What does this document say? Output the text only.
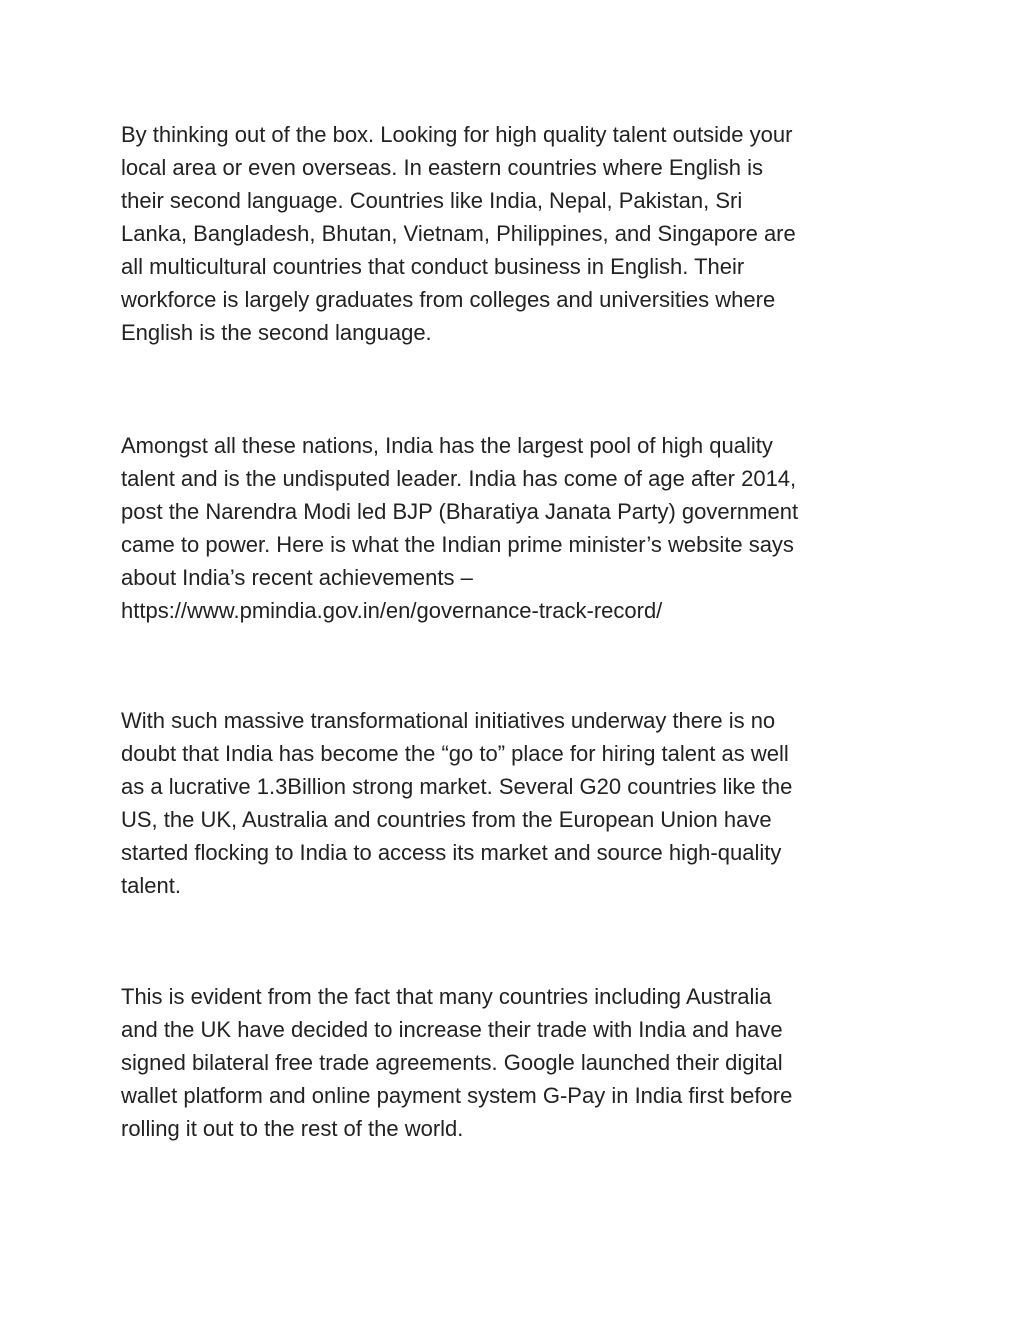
By thinking out of the box. Looking for high quality talent outside your
local area or even overseas. In eastern countries where English is
their second language. Countries like India, Nepal, Pakistan, Sri
Lanka, Bangladesh, Bhutan, Vietnam, Philippines, and Singapore are
all multicultural countries that conduct business in English. Their
workforce is largely graduates from colleges and universities where
English is the second language.

Amongst all these nations, India has the largest pool of high quality
talent and is the undisputed leader. India has come of age after 2014,
post the Narendra Modi led BJP (Bharatiya Janata Party) government
came to power. Here is what the Indian prime minister’s website says
about India’s recent achievements –
https://www.pmindia.gov.in/en/governance-track-record/

With such massive transformational initiatives underway there is no
doubt that India has become the “go to” place for hiring talent as well
as a lucrative 1.3Billion strong market. Several G20 countries like the
US, the UK, Australia and countries from the European Union have
started flocking to India to access its market and source high-quality
talent.

This is evident from the fact that many countries including Australia
and the UK have decided to increase their trade with India and have
signed bilateral free trade agreements. Google launched their digital
wallet platform and online payment system G-Pay in India first before
rolling it out to the rest of the world.
